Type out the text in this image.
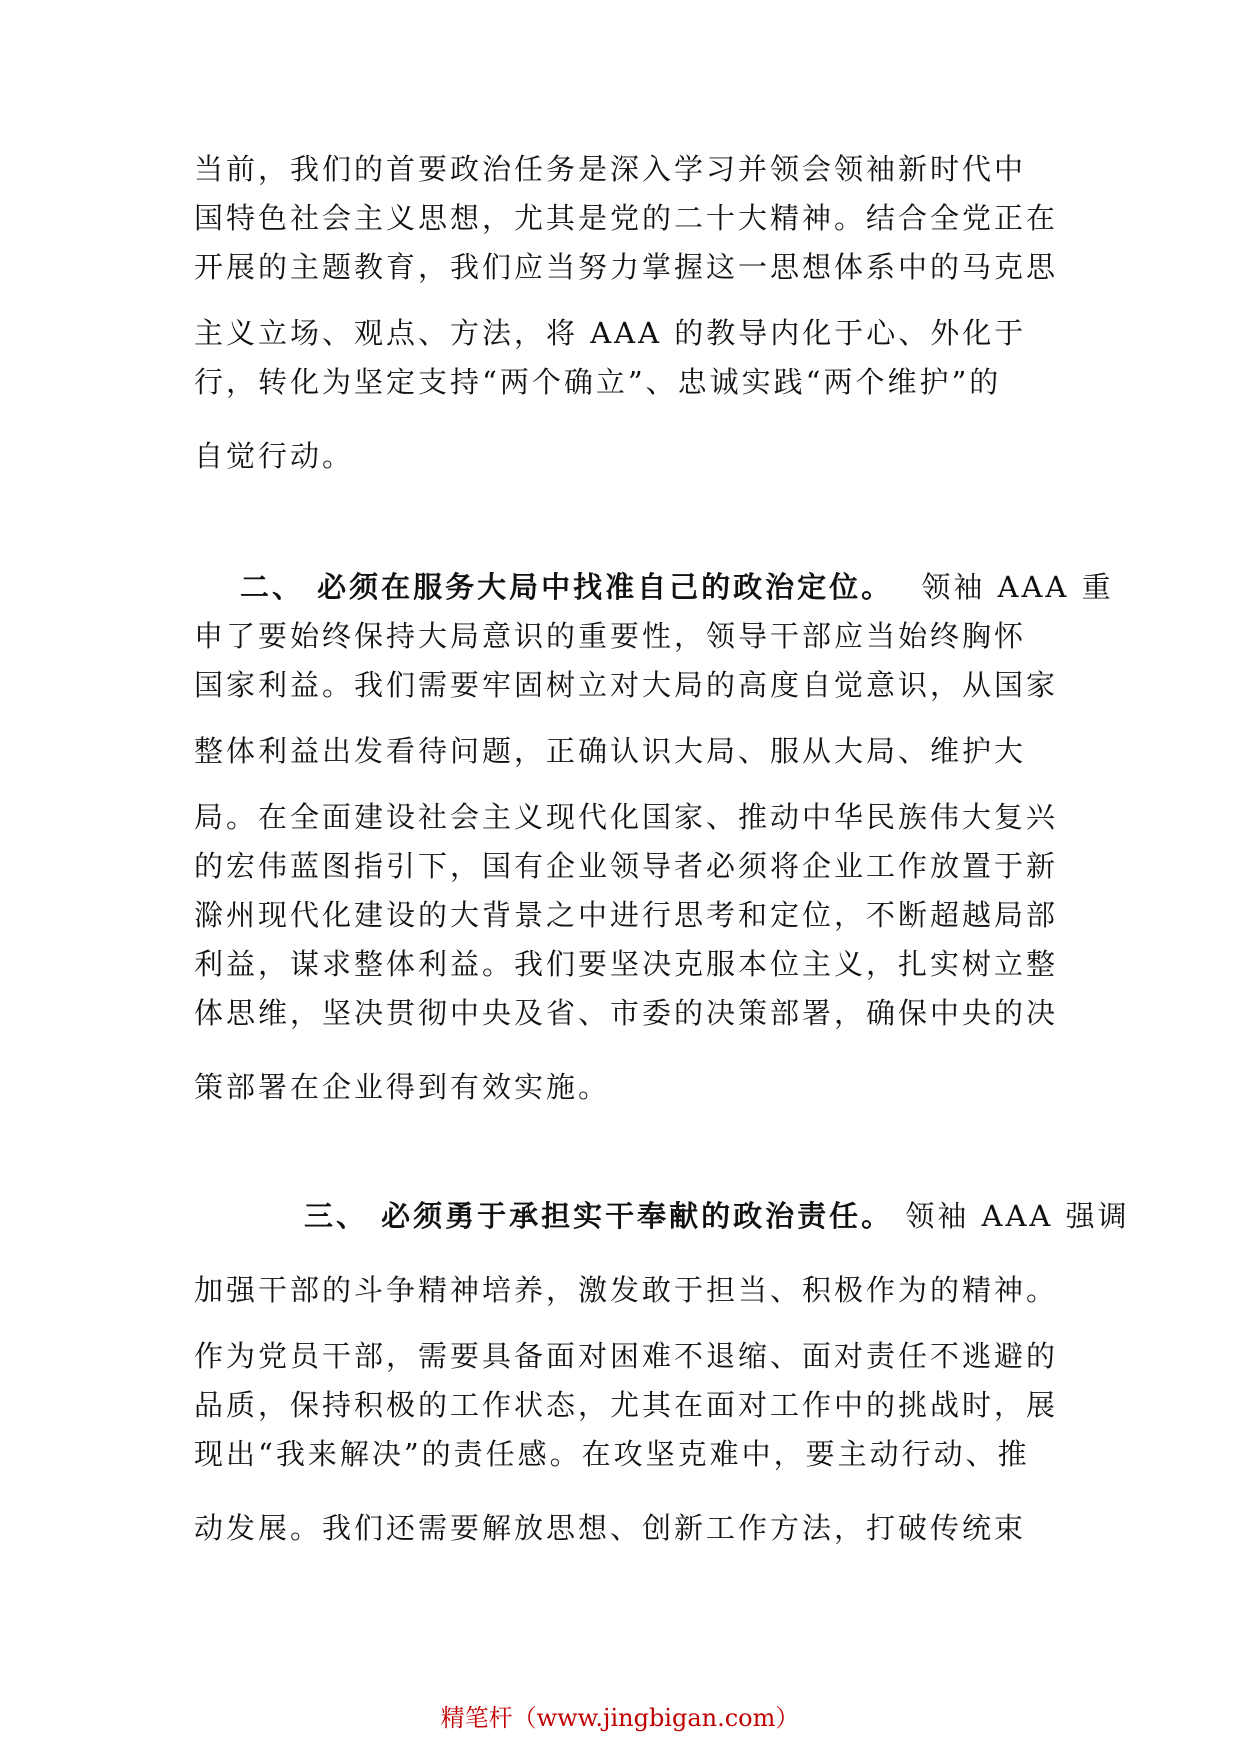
当前，我们的首要政治任务是深入学习并领会领袖新时代中
国特色社会主义思想，尤其是党的二十大精神。结合全党正在
开展的主题教育，我们应当努力掌握这一思想体系中的马克思
主义立场、观点、方法，将 AAA 的教导内化于心、外化于
行，转化为坚定支持“两个确立”、忠诚实践“两个维护”的
自觉行动。
二、 必须在服务大局中找准自己的政治定位。 领袖 AAA 重
申了要始终保持大局意识的重要性，领导干部应当始终胸怀
国家利益。我们需要牢固树立对大局的高度自觉意识，从国家
整体利益出发看待问题，正确认识大局、服从大局、维护大
局。在全面建设社会主义现代化国家、推动中华民族伟大复兴
的宏伟蓝图指引下，国有企业领导者必须将企业工作放置于新
滁州现代化建设的大背景之中进行思考和定位，不断超越局部
利益，谋求整体利益。我们要坚决克服本位主义，扎实树立整
体思维，坚决贯彻中央及省、市委的决策部署，确保中央的决
策部署在企业得到有效实施。
三、 必须勇于承担实干奉献的政治责任。 领袖 AAA 强调
加强干部的斗争精神培养，激发敢于担当、积极作为的精神。
作为党员干部，需要具备面对困难不退缩、面对责任不逃避的
品质，保持积极的工作状态，尤其在面对工作中的挑战时，展
现出“我来解决”的责任感。在攻坚克难中，要主动行动、推
动发展。我们还需要解放思想、创新工作方法，打破传统束
精笔杆（www.jingbigan.com）
